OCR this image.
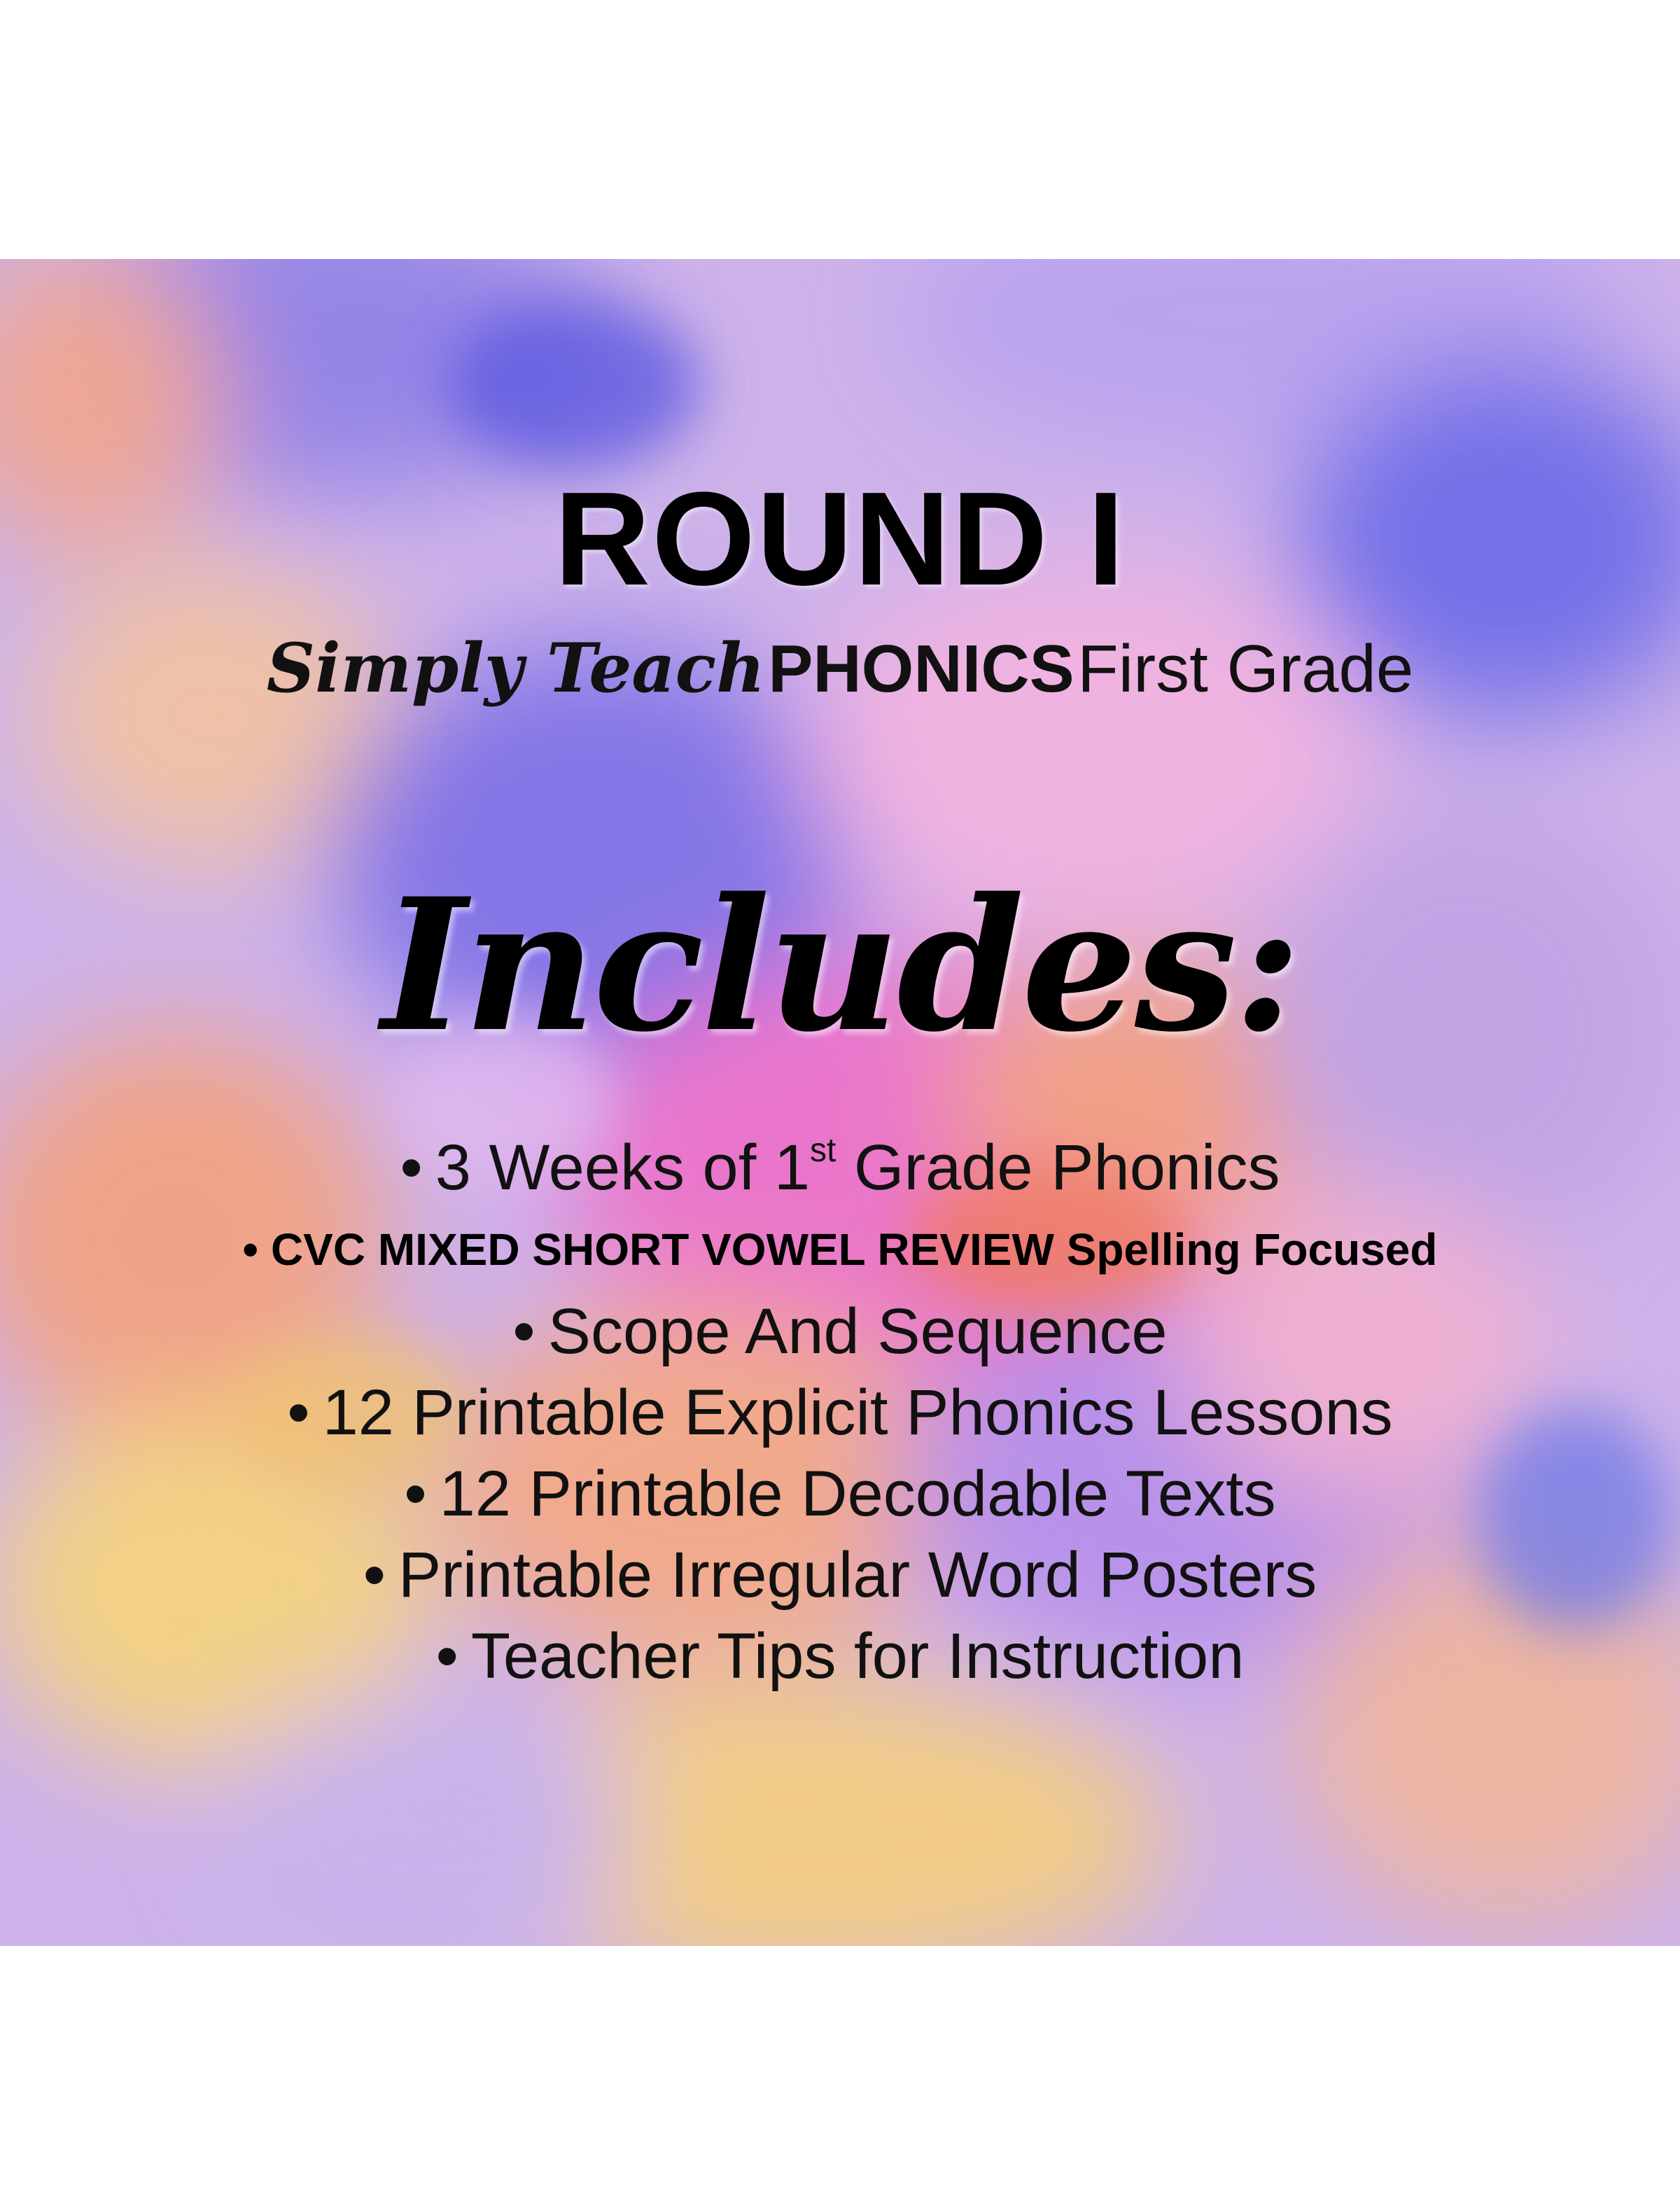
ROUND I
Simply Teach PHONICS First Grade
Includes:
• 3 Weeks of 1st Grade Phonics
• CVC MIXED SHORT VOWEL REVIEW Spelling Focused
• Scope And Sequence
• 12 Printable Explicit Phonics Lessons
• 12 Printable Decodable Texts
• Printable Irregular Word Posters
• Teacher Tips for Instruction
